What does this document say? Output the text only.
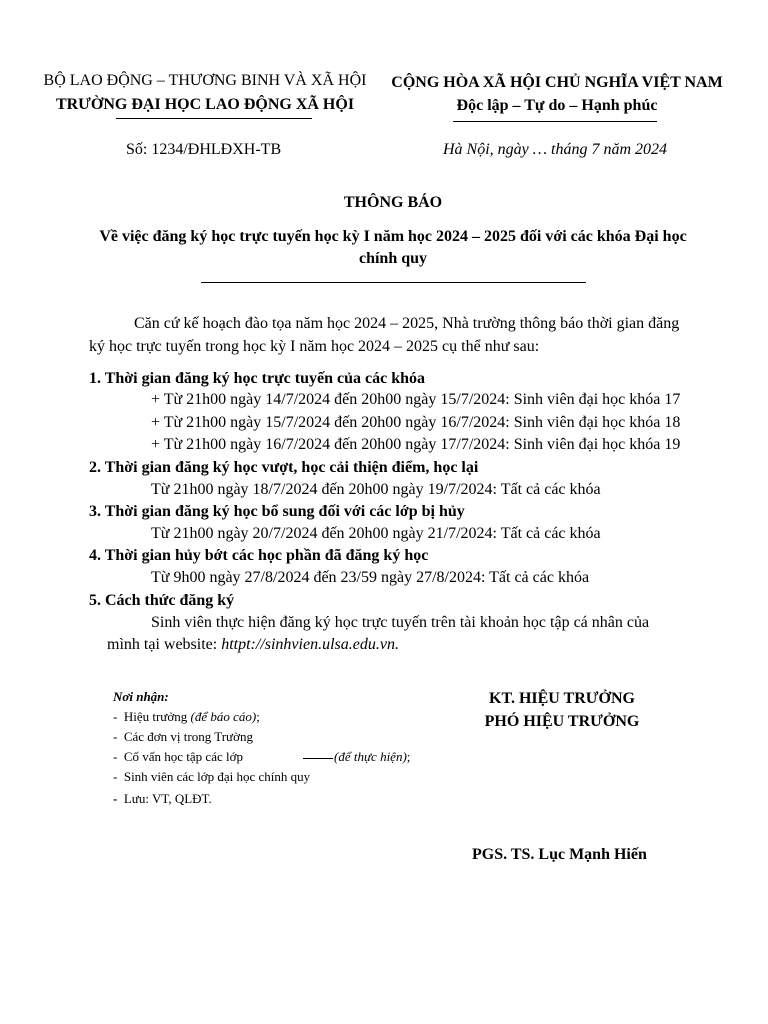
BỘ LAO ĐỘNG – THƯƠNG BINH VÀ XÃ HỘI
TRƯỜNG ĐẠI HỌC LAO ĐỘNG XÃ HỘI
CỘNG HÒA XÃ HỘI CHỦ NGHĨA VIỆT NAM
Độc lập – Tự do – Hạnh phúc
Số: 1234/ĐHLĐXH-TB	Hà Nội, ngày … tháng 7 năm 2024
THÔNG BÁO
Về việc đăng ký học trực tuyến học kỳ I năm học 2024 – 2025 đối với các khóa Đại học
chính quy
Căn cứ kế hoạch đào tọa năm học 2024 – 2025, Nhà trường thông báo thời gian đăng
ký học trực tuyến trong học kỳ I năm học 2024 – 2025 cụ thể như sau:
1. Thời gian đăng ký học trực tuyến của các khóa
+ Từ 21h00 ngày 14/7/2024 đến 20h00 ngày 15/7/2024: Sinh viên đại học khóa 17
+ Từ 21h00 ngày 15/7/2024 đến 20h00 ngày 16/7/2024: Sinh viên đại học khóa 18
+ Từ 21h00 ngày 16/7/2024 đến 20h00 ngày 17/7/2024: Sinh viên đại học khóa 19
2. Thời gian đăng ký học vượt, học cải thiện điểm, học lại
Từ 21h00 ngày 18/7/2024 đến 20h00 ngày 19/7/2024: Tất cả các khóa
3. Thời gian đăng ký học bổ sung đối với các lớp bị hủy
Từ 21h00 ngày 20/7/2024 đến 20h00 ngày 21/7/2024: Tất cả các khóa
4. Thời gian hủy bớt các học phần đã đăng ký học
Từ 9h00 ngày 27/8/2024 đến 23/59 ngày 27/8/2024: Tất cả các khóa
5. Cách thức đăng ký
Sinh viên thực hiện đăng ký học trực tuyến trên tài khoản học tập cá nhân của
mình tại website: httpt://sinhvien.ulsa.edu.vn.
Nơi nhận:
- Hiệu trưởng (để báo cáo);
- Các đơn vị trong Trường
- Cố vấn học tập các lớp	(để thực hiện);
- Sinh viên các lớp đại học chính quy
- Lưu: VT, QLĐT.
KT. HIỆU TRƯỞNG
PHÓ HIỆU TRƯỞNG
PGS. TS. Lục Mạnh Hiến
